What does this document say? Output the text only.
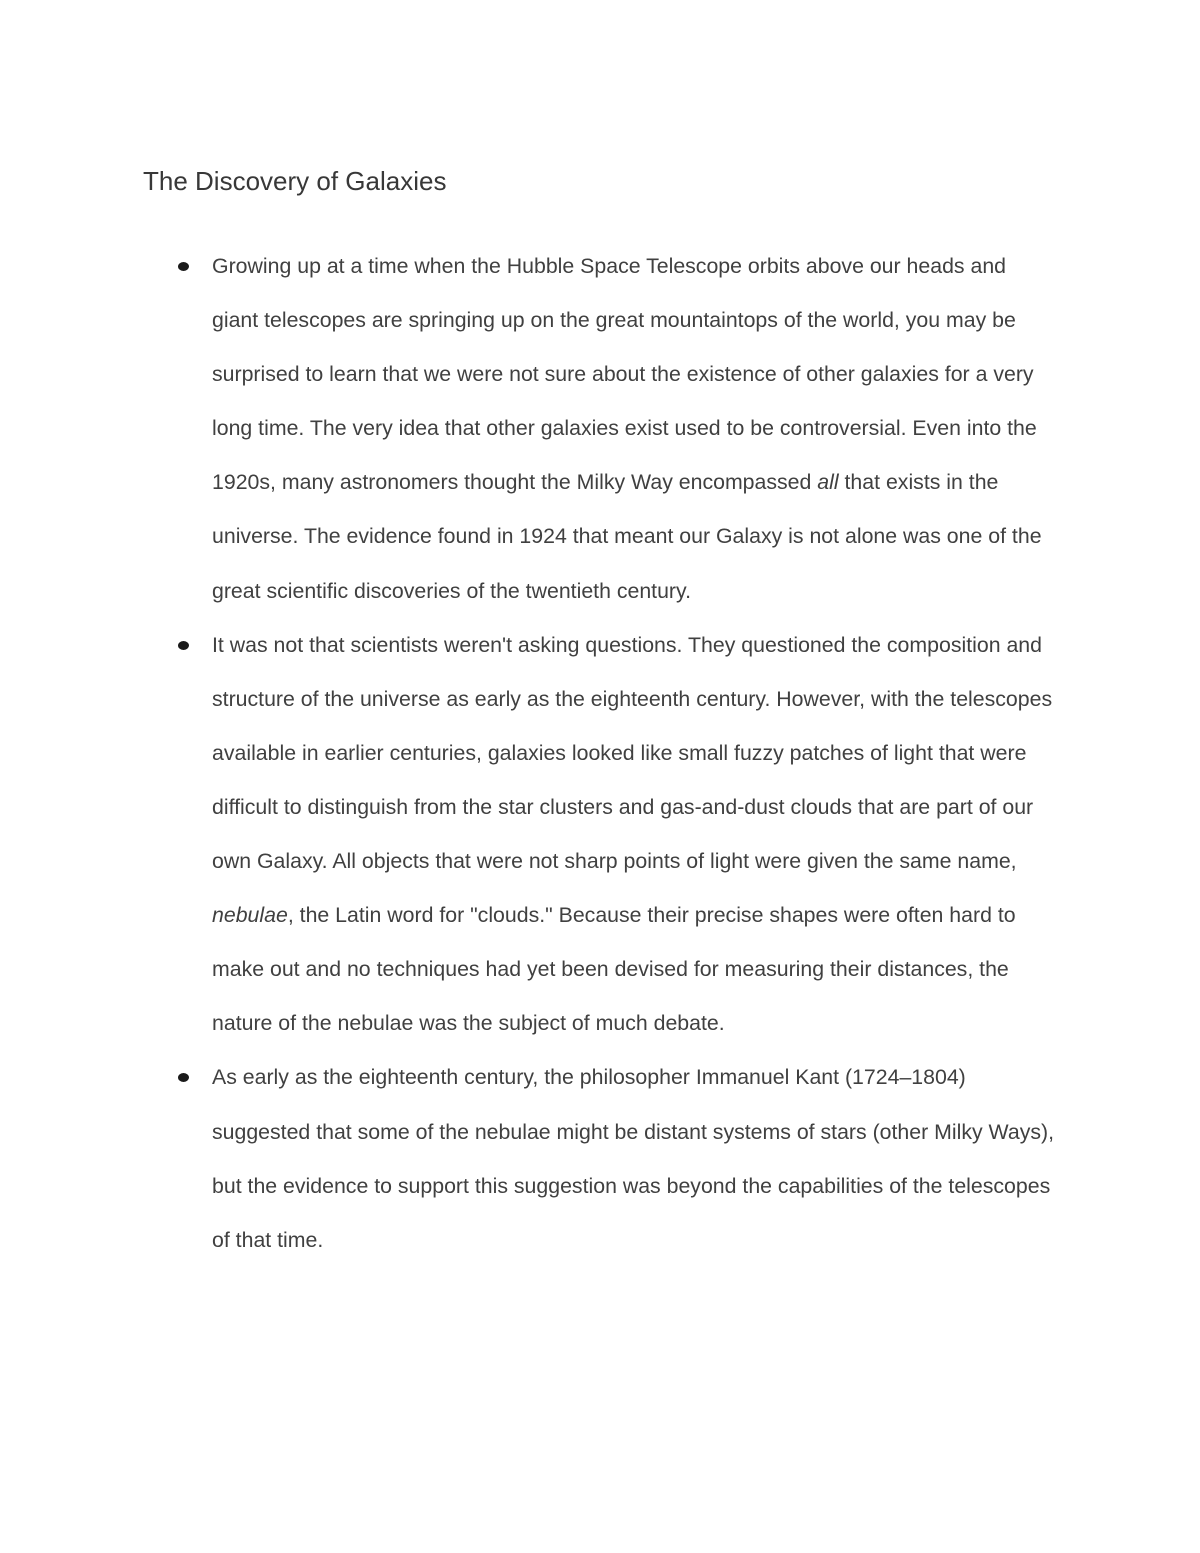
The Discovery of Galaxies
Growing up at a time when the Hubble Space Telescope orbits above our heads and giant telescopes are springing up on the great mountaintops of the world, you may be surprised to learn that we were not sure about the existence of other galaxies for a very long time. The very idea that other galaxies exist used to be controversial. Even into the 1920s, many astronomers thought the Milky Way encompassed all that exists in the universe. The evidence found in 1924 that meant our Galaxy is not alone was one of the great scientific discoveries of the twentieth century.
It was not that scientists weren't asking questions. They questioned the composition and structure of the universe as early as the eighteenth century. However, with the telescopes available in earlier centuries, galaxies looked like small fuzzy patches of light that were difficult to distinguish from the star clusters and gas-and-dust clouds that are part of our own Galaxy. All objects that were not sharp points of light were given the same name, nebulae, the Latin word for "clouds." Because their precise shapes were often hard to make out and no techniques had yet been devised for measuring their distances, the nature of the nebulae was the subject of much debate.
As early as the eighteenth century, the philosopher Immanuel Kant (1724–1804) suggested that some of the nebulae might be distant systems of stars (other Milky Ways), but the evidence to support this suggestion was beyond the capabilities of the telescopes of that time.
